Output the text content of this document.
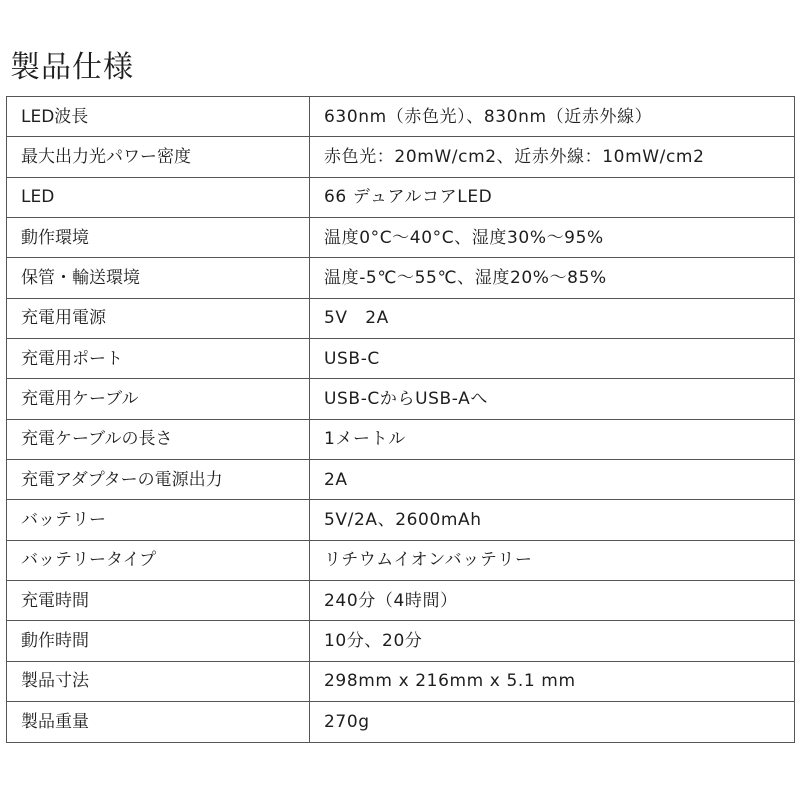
製品仕様
LED波長	630nm（赤色光）、830nm（近赤外線）
最大出力光パワー密度	赤色光：20mW/cm2、近赤外線：10mW/cm2
LED	66 デュアルコアLED
動作環境	温度0°C～40°C、湿度30%～95%
保管・輸送環境	温度-5℃～55℃、湿度20%～85%
充電用電源	5V　2A
充電用ポート	USB-C
充電用ケーブル	USB-CからUSB-Aへ
充電ケーブルの長さ	1メートル
充電アダプターの電源出力	2A
バッテリー	5V/2A、2600mAh
バッテリータイプ	リチウムイオンバッテリー
充電時間	240分（4時間）
動作時間	10分、20分
製品寸法	298mm x 216mm x 5.1 mm
製品重量	270g
